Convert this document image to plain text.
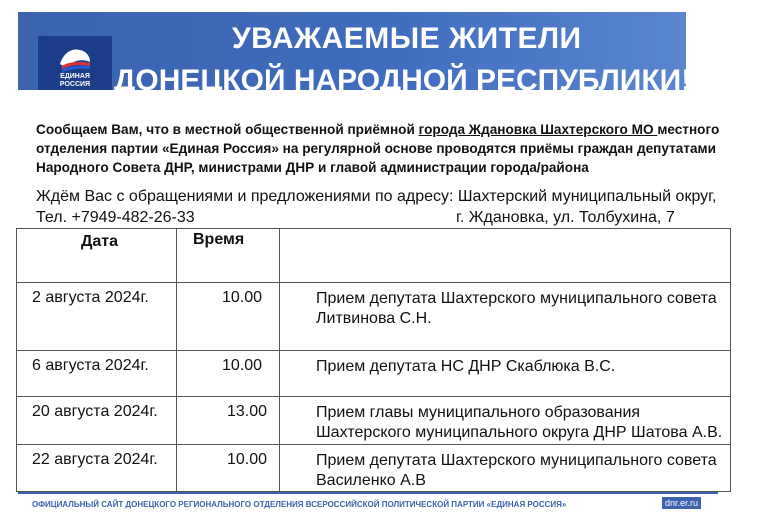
ЕДИНАЯ
РОССИЯ
УВАЖАЕМЫЕ ЖИТЕЛИ
ДОНЕЦКОЙ НАРОДНОЙ РЕСПУБЛИКИ!
Сообщаем Вам, что в местной общественной приёмной города Ждановка Шахтерского МО местного отделения партии «Единая Россия» на регулярной основе проводятся приёмы граждан депутатами Народного Совета ДНР, министрами ДНР и главой администрации города/района
Ждём Вас с обращениями и предложениями по адресу: Шахтерский муниципальный округ,
Тел. +7949-482-26-33	г. Ждановка, ул. Толбухина, 7
Дата	Время	
2 августа 2024г.	10.00	Прием депутата Шахтерского муниципального совета
Литвинова С.Н.

6 августа 2024г.	10.00	Прием депутата НС ДНР Скаблюка В.С.

20 августа 2024г.	13.00	Прием главы муниципального образования
Шахтерского муниципального округа ДНР Шатова А.В.

22 августа 2024г.	10.00	Прием депутата Шахтерского муниципального совета
Василенко А.В
ОФИЦИАЛЬНЫЙ САЙТ ДОНЕЦКОГО РЕГИОНАЛЬНОГО ОТДЕЛЕНИЯ ВСЕРОССИЙСКОЙ ПОЛИТИЧЕСКОЙ ПАРТИИ «ЕДИНАЯ РОССИЯ»	dnr.er.ru
